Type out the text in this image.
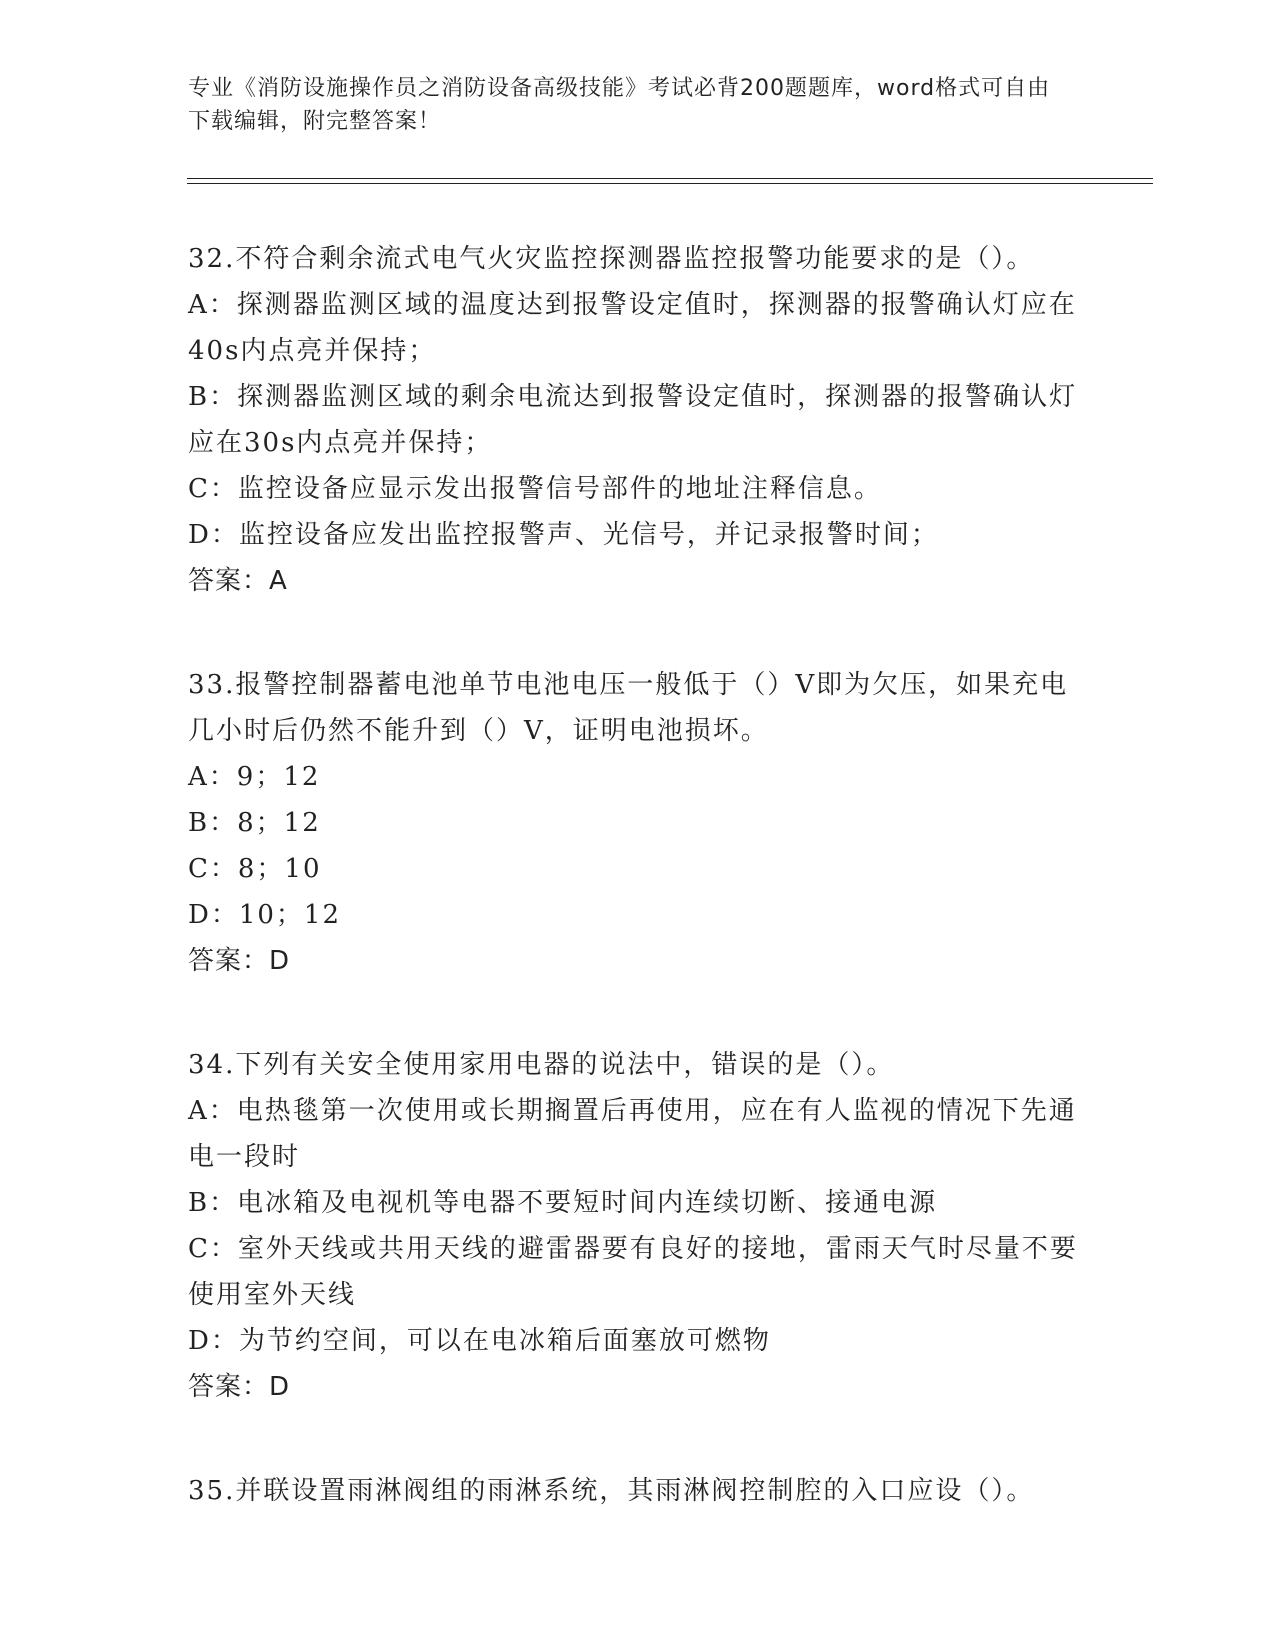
专业《消防设施操作员之消防设备高级技能》考试必背200题题库，word格式可自由下载编辑，附完整答案！

32.不符合剩余流式电气火灾监控探测器监控报警功能要求的是（）。

A：探测器监测区域的温度达到报警设定值时，探测器的报警确认灯应在40s内点亮并保持；

B：探测器监测区域的剩余电流达到报警设定值时，探测器的报警确认灯应在30s内点亮并保持；

C：监控设备应显示发出报警信号部件的地址注释信息。

D：监控设备应发出监控报警声、光信号，并记录报警时间；

答案：A

33.报警控制器蓄电池单节电池电压一般低于（）V即为欠压，如果充电几小时后仍然不能升到（）V，证明电池损坏。

A：9；12

B：8；12

C：8；10

D：10；12

答案：D

34.下列有关安全使用家用电器的说法中，错误的是（）。

A：电热毯第一次使用或长期搁置后再使用，应在有人监视的情况下先通电一段时

B：电冰箱及电视机等电器不要短时间内连续切断、接通电源

C：室外天线或共用天线的避雷器要有良好的接地，雷雨天气时尽量不要使用室外天线

D：为节约空间，可以在电冰箱后面塞放可燃物

答案：D

35.并联设置雨淋阀组的雨淋系统，其雨淋阀控制腔的入口应设（）。
